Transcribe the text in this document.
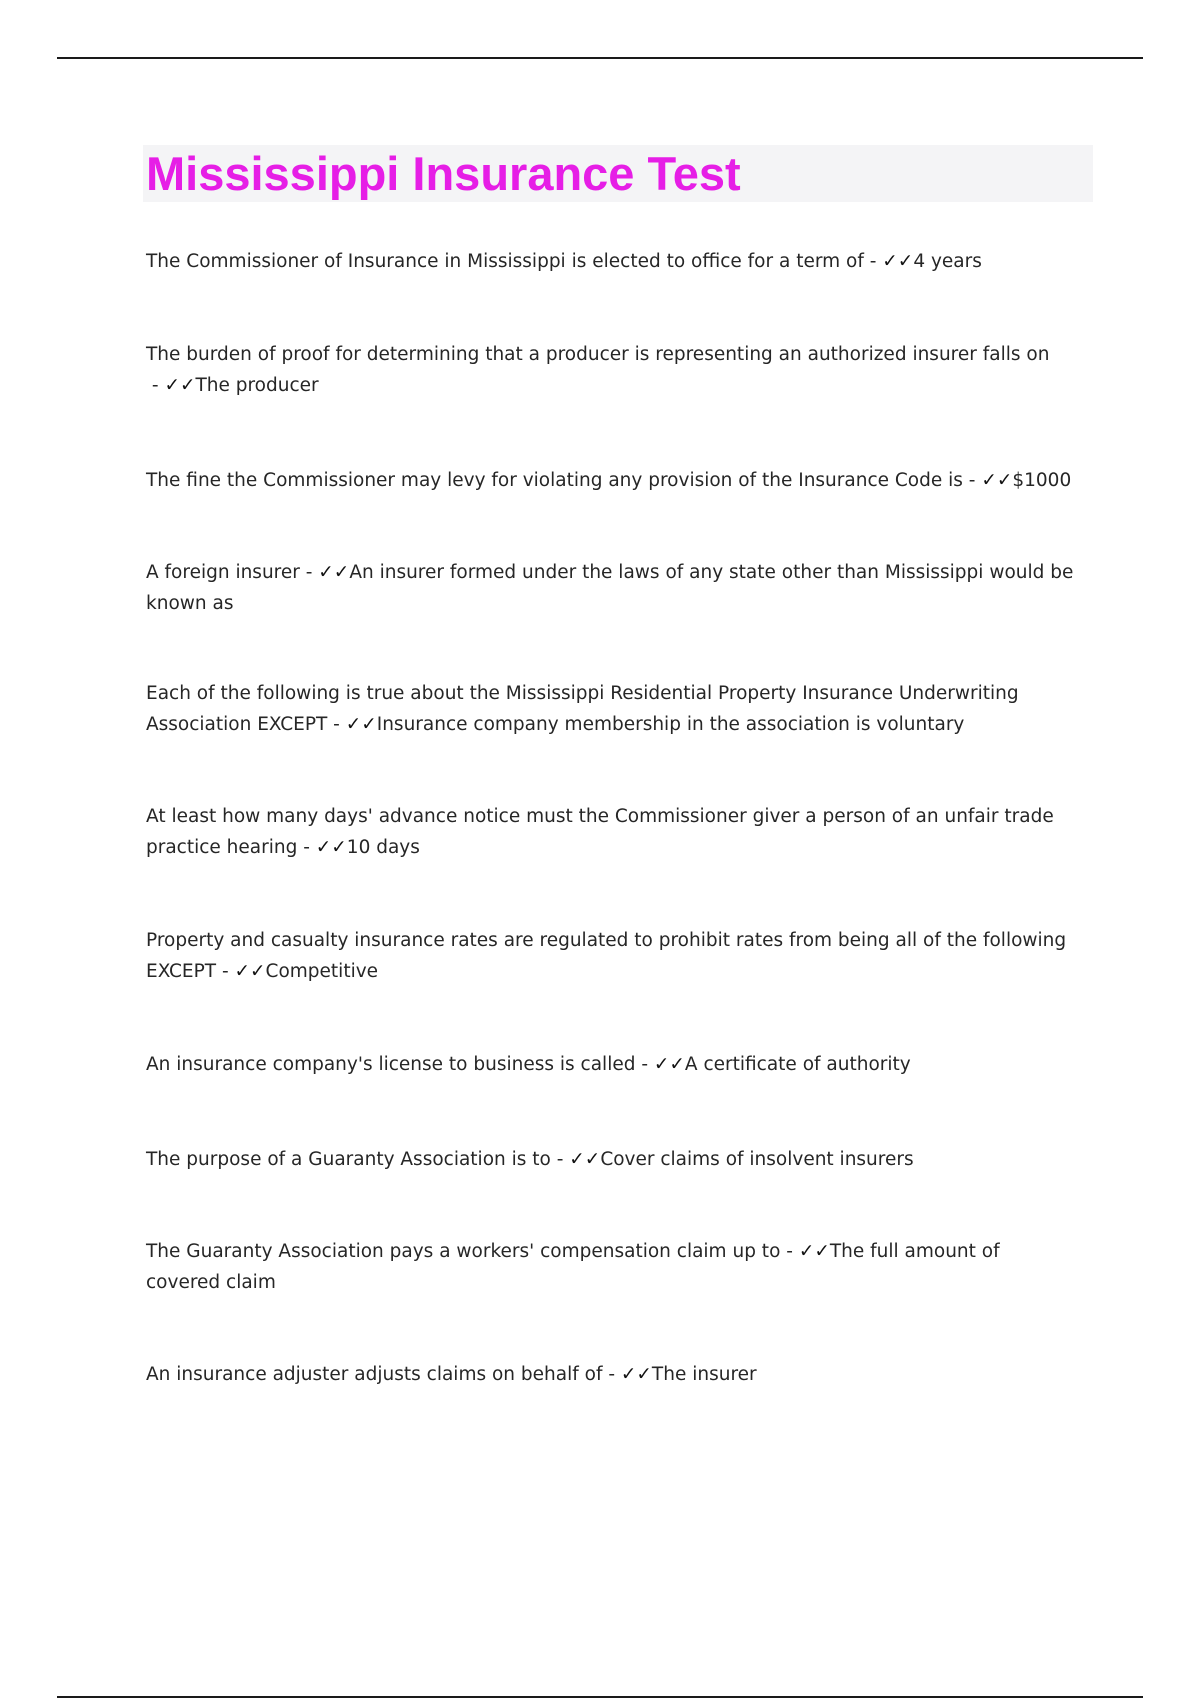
Mississippi Insurance Test

The Commissioner of Insurance in Mississippi is elected to office for a term of - ✓✓4 years

The burden of proof for determining that a producer is representing an authorized insurer falls on - ✓✓The producer

The fine the Commissioner may levy for violating any provision of the Insurance Code is - ✓✓$1000

A foreign insurer - ✓✓An insurer formed under the laws of any state other than Mississippi would be known as

Each of the following is true about the Mississippi Residential Property Insurance Underwriting Association EXCEPT - ✓✓Insurance company membership in the association is voluntary

At least how many days' advance notice must the Commissioner giver a person of an unfair trade practice hearing - ✓✓10 days

Property and casualty insurance rates are regulated to prohibit rates from being all of the following EXCEPT - ✓✓Competitive

An insurance company's license to business is called - ✓✓A certificate of authority

The purpose of a Guaranty Association is to - ✓✓Cover claims of insolvent insurers

The Guaranty Association pays a workers' compensation claim up to - ✓✓The full amount of covered claim

An insurance adjuster adjusts claims on behalf of - ✓✓The insurer
